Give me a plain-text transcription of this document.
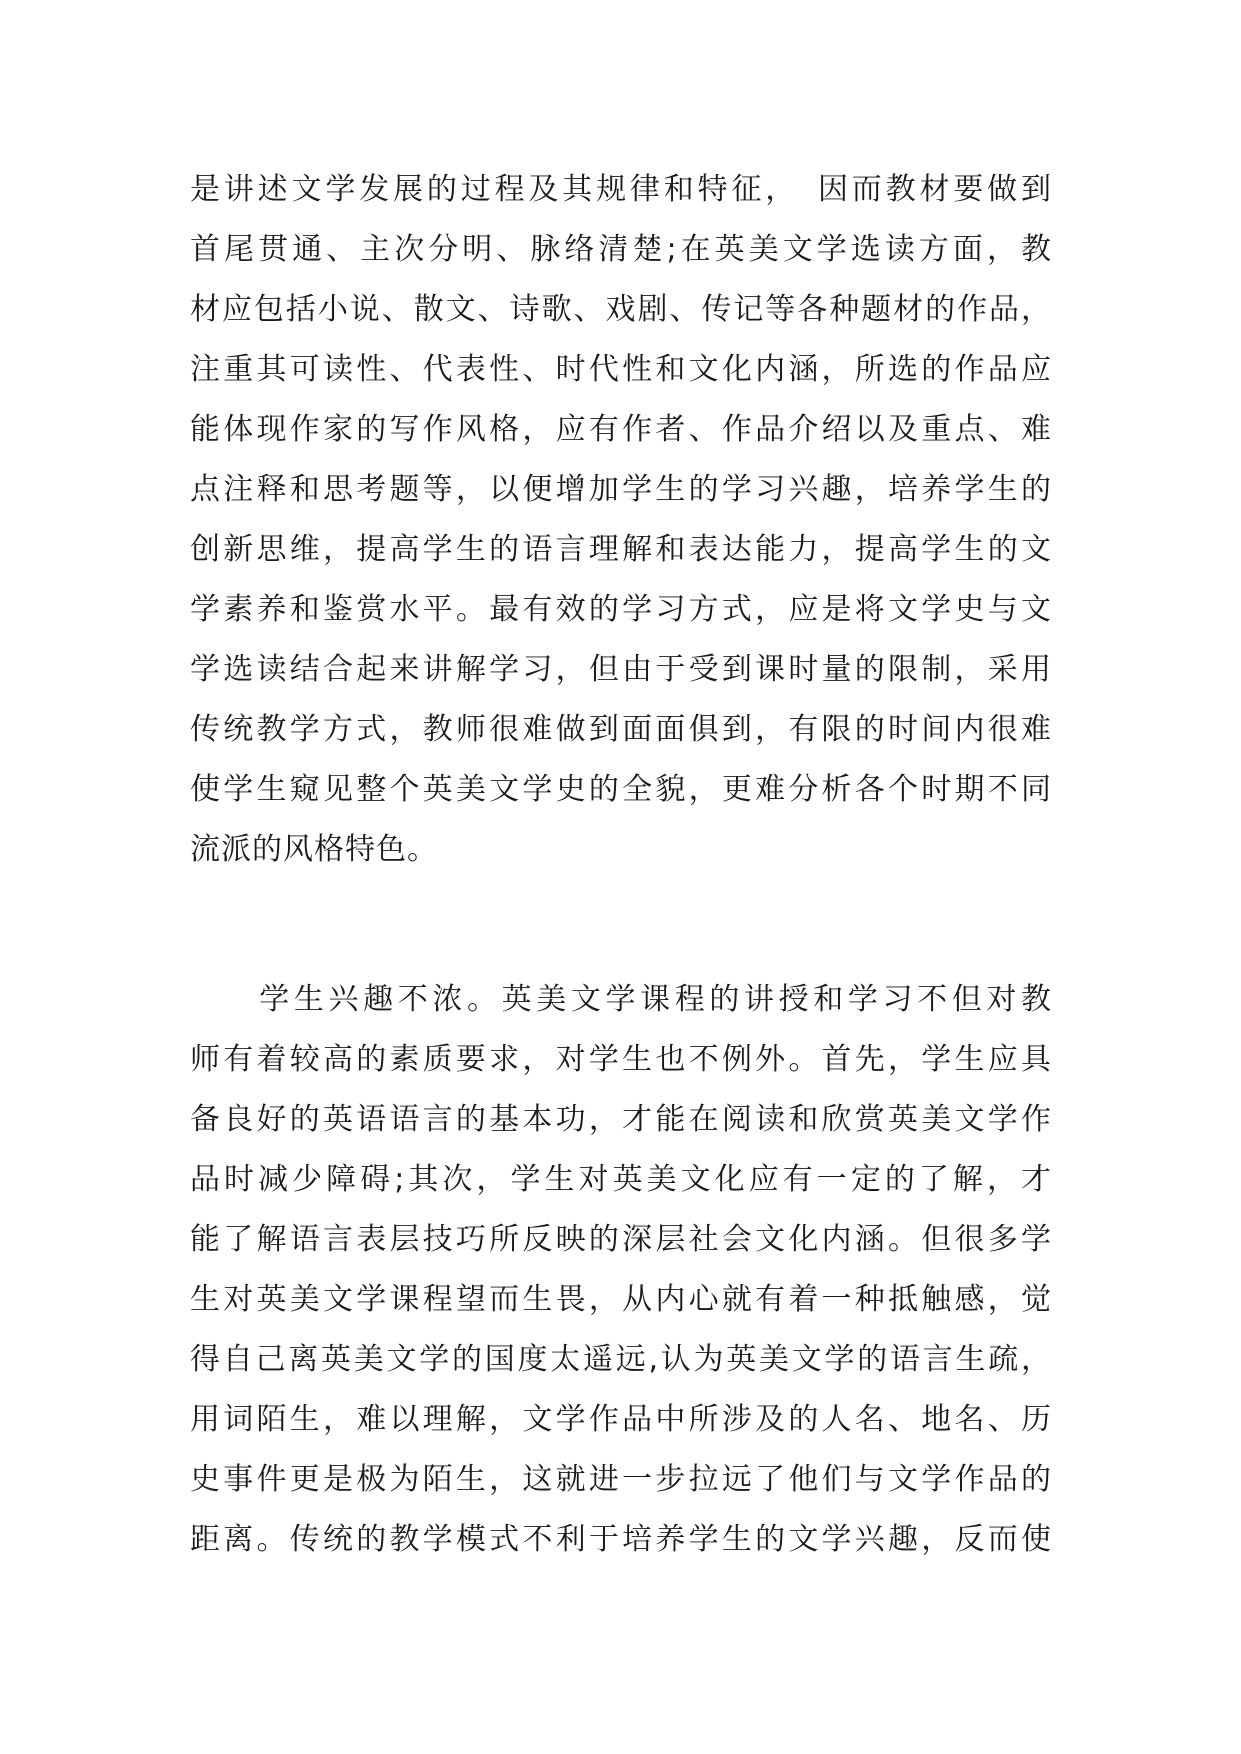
是讲述文学发展的过程及其规律和特征，　因而教材要做到
首尾贯通、主次分明、脉络清楚;在英美文学选读方面，教
材应包括小说、散文、诗歌、戏剧、传记等各种题材的作品，
注重其可读性、代表性、时代性和文化内涵，所选的作品应
能体现作家的写作风格，应有作者、作品介绍以及重点、难
点注释和思考题等，以便增加学生的学习兴趣，培养学生的
创新思维，提高学生的语言理解和表达能力，提高学生的文
学素养和鉴赏水平。最有效的学习方式，应是将文学史与文
学选读结合起来讲解学习，但由于受到课时量的限制，采用
传统教学方式，教师很难做到面面俱到，有限的时间内很难
使学生窥见整个英美文学史的全貌，更难分析各个时期不同
流派的风格特色。
　　学生兴趣不浓。英美文学课程的讲授和学习不但对教
师有着较高的素质要求，对学生也不例外。首先，学生应具
备良好的英语语言的基本功，才能在阅读和欣赏英美文学作
品时减少障碍;其次，学生对英美文化应有一定的了解，才
能了解语言表层技巧所反映的深层社会文化内涵。但很多学
生对英美文学课程望而生畏，从内心就有着一种抵触感，觉
得自己离英美文学的国度太遥远,认为英美文学的语言生疏，
用词陌生，难以理解，文学作品中所涉及的人名、地名、历
史事件更是极为陌生，这就进一步拉远了他们与文学作品的
距离。传统的教学模式不利于培养学生的文学兴趣，反而使
